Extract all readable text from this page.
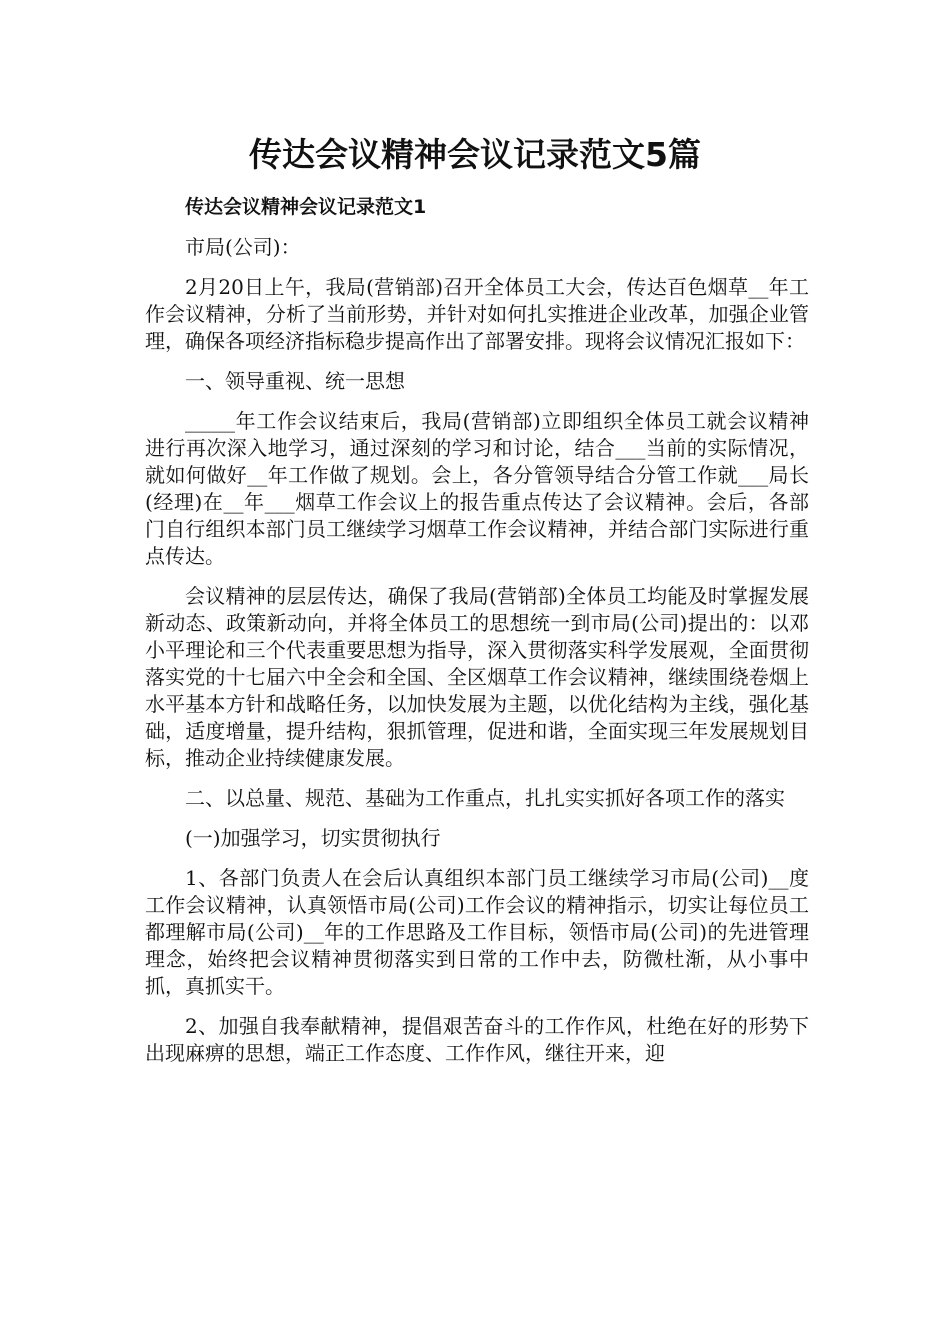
传达会议精神会议记录范文5篇

传达会议精神会议记录范文1

市局(公司)：

2月20日上午，我局(营销部)召开全体员工大会，传达百色烟草__年工作会议精神，分析了当前形势，并针对如何扎实推进企业改革，加强企业管理，确保各项经济指标稳步提高作出了部署安排。现将会议情况汇报如下：

一、领导重视、统一思想

_____年工作会议结束后，我局(营销部)立即组织全体员工就会议精神进行再次深入地学习，通过深刻的学习和讨论，结合___当前的实际情况，就如何做好__年工作做了规划。会上，各分管领导结合分管工作就___局长(经理)在__年___烟草工作会议上的报告重点传达了会议精神。会后，各部门自行组织本部门员工继续学习烟草工作会议精神，并结合部门实际进行重点传达。

会议精神的层层传达，确保了我局(营销部)全体员工均能及时掌握发展新动态、政策新动向，并将全体员工的思想统一到市局(公司)提出的：以邓小平理论和三个代表重要思想为指导，深入贯彻落实科学发展观，全面贯彻落实党的十七届六中全会和全国、全区烟草工作会议精神，继续围绕卷烟上水平基本方针和战略任务，以加快发展为主题，以优化结构为主线，强化基础，适度增量，提升结构，狠抓管理，促进和谐，全面实现三年发展规划目标，推动企业持续健康发展。

二、以总量、规范、基础为工作重点，扎扎实实抓好各项工作的落实

(一)加强学习，切实贯彻执行

1、各部门负责人在会后认真组织本部门员工继续学习市局(公司)__度工作会议精神，认真领悟市局(公司)工作会议的精神指示，切实让每位员工都理解市局(公司)__年的工作思路及工作目标，领悟市局(公司)的先进管理理念，始终把会议精神贯彻落实到日常的工作中去，防微杜渐，从小事中抓，真抓实干。

2、加强自我奉献精神，提倡艰苦奋斗的工作作风，杜绝在好的形势下出现麻痹的思想，端正工作态度、工作作风，继往开来，迎
